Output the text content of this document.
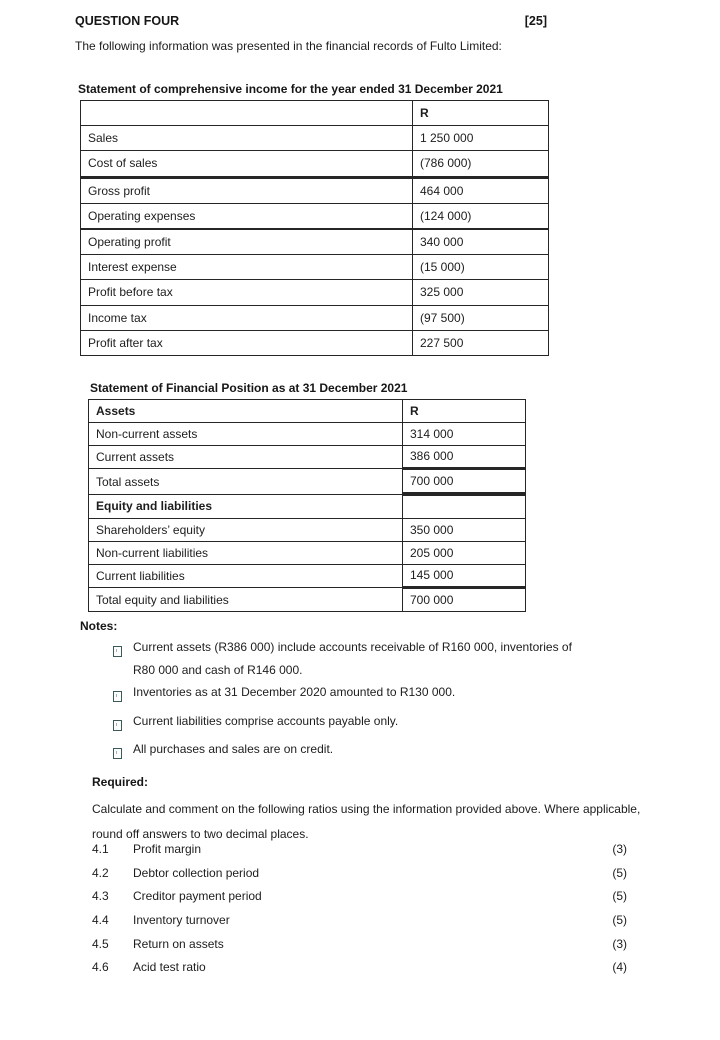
QUESTION FOUR	[25]
The following information was presented in the financial records of Fulto Limited:
Statement of comprehensive income for the year ended 31 December 2021
	R
Sales	1 250 000
Cost of sales	(786 000)
Gross profit	464 000
Operating expenses	(124 000)
Operating profit	340 000
Interest expense	(15 000)
Profit before tax	325 000
Income tax	(97 500)
Profit after tax	227 500
Statement of Financial Position as at 31 December 2021
Assets	R
Non-current assets	314 000
Current assets	386 000
Total assets	700 000
Equity and liabilities	
Shareholders’ equity	350 000
Non-current liabilities	205 000
Current liabilities	145 000
Total equity and liabilities	700 000
Notes:
Current assets (R386 000) include accounts receivable of R160 000, inventories of R80 000 and cash of R146 000.
Inventories as at 31 December 2020 amounted to R130 000.
Current liabilities comprise accounts payable only.
All purchases and sales are on credit.
Required:
Calculate and comment on the following ratios using the information provided above. Where applicable, round off answers to two decimal places.
4.1	Profit margin	(3)
4.2	Debtor collection period	(5)
4.3	Creditor payment period	(5)
4.4	Inventory turnover	(5)
4.5	Return on assets	(3)
4.6	Acid test ratio	(4)
